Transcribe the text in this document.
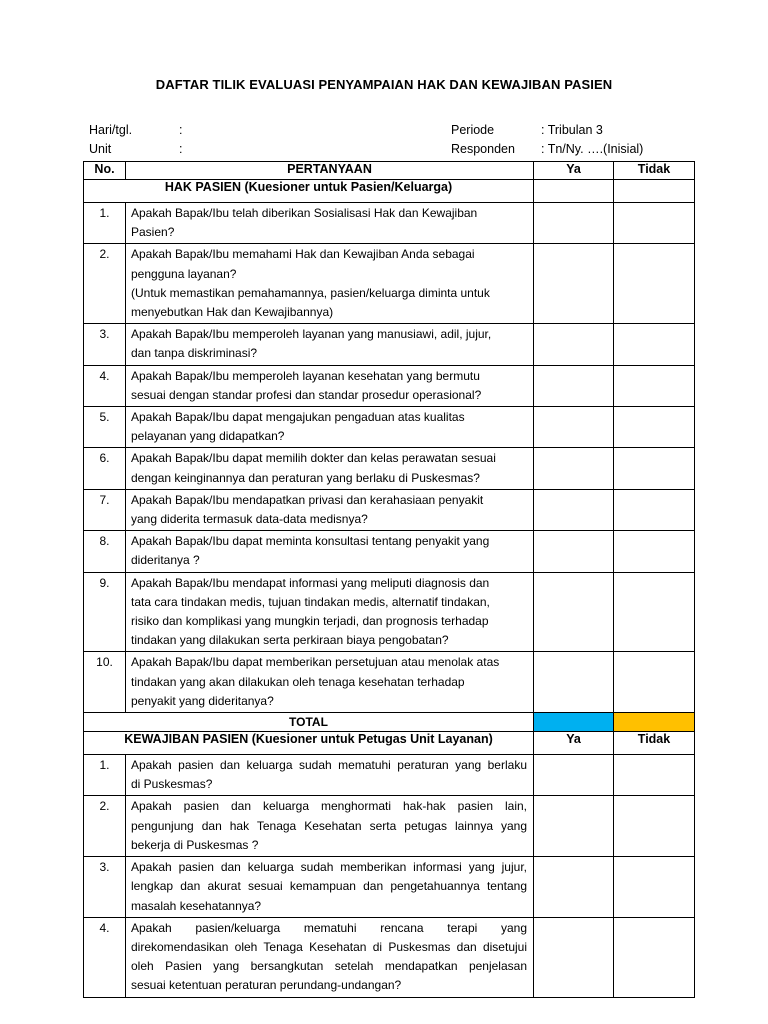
DAFTAR TILIK EVALUASI PENYAMPAIAN HAK DAN KEWAJIBAN PASIEN
Hari/tgl.	:
Unit	:
Periode	: Tribulan 3
Responden	: Tn/Ny. ….(Inisial)
No.	PERTANYAAN	Ya	Tidak
HAK PASIEN (Kuesioner untuk Pasien/Keluarga)			
1.	Apakah Bapak/Ibu telah diberikan Sosialisasi Hak dan Kewajiban
Pasien?		

2.	Apakah Bapak/Ibu memahami Hak dan Kewajiban Anda sebagai
pengguna layanan?
(Untuk memastikan pemahamannya, pasien/keluarga diminta untuk
menyebutkan Hak dan Kewajibannya)		

3.	Apakah Bapak/Ibu memperoleh layanan yang manusiawi, adil, jujur,
dan tanpa diskriminasi?		

4.	Apakah Bapak/Ibu memperoleh layanan kesehatan yang bermutu
sesuai dengan standar profesi dan standar prosedur operasional?		

5.	Apakah Bapak/Ibu dapat mengajukan pengaduan atas kualitas
pelayanan yang didapatkan?		

6.	Apakah Bapak/Ibu dapat memilih dokter dan kelas perawatan sesuai
dengan keinginannya dan peraturan yang berlaku di Puskesmas?		

7.	Apakah Bapak/Ibu mendapatkan privasi dan kerahasiaan penyakit
yang diderita termasuk data-data medisnya?		

8.	Apakah Bapak/Ibu dapat meminta konsultasi tentang penyakit yang
dideritanya ?		

9.	Apakah Bapak/Ibu mendapat informasi yang meliputi diagnosis dan
tata cara tindakan medis, tujuan tindakan medis, alternatif tindakan,
risiko dan komplikasi yang mungkin terjadi, dan prognosis terhadap
tindakan yang dilakukan serta perkiraan biaya pengobatan?		

10.	Apakah Bapak/Ibu dapat memberikan persetujuan atau menolak atas
tindakan yang akan dilakukan oleh tenaga kesehatan terhadap
penyakit yang dideritanya?		

TOTAL			
KEWAJIBAN PASIEN (Kuesioner untuk Petugas Unit Layanan)		Ya	Tidak
1.	Apakah pasien dan keluarga sudah mematuhi peraturan yang berlaku
di Puskesmas?		

2.	Apakah pasien dan keluarga menghormati hak-hak pasien lain,
pengunjung dan hak Tenaga Kesehatan serta petugas lainnya yang
bekerja di Puskesmas ?		

3.	Apakah pasien dan keluarga sudah memberikan informasi yang jujur,
lengkap dan akurat sesuai kemampuan dan pengetahuannya tentang
masalah kesehatannya?		

4.	Apakah pasien/keluarga mematuhi rencana terapi yang
direkomendasikan oleh Tenaga Kesehatan di Puskesmas dan disetujui
oleh Pasien yang bersangkutan setelah mendapatkan penjelasan
sesuai ketentuan peraturan perundang-undangan?		
